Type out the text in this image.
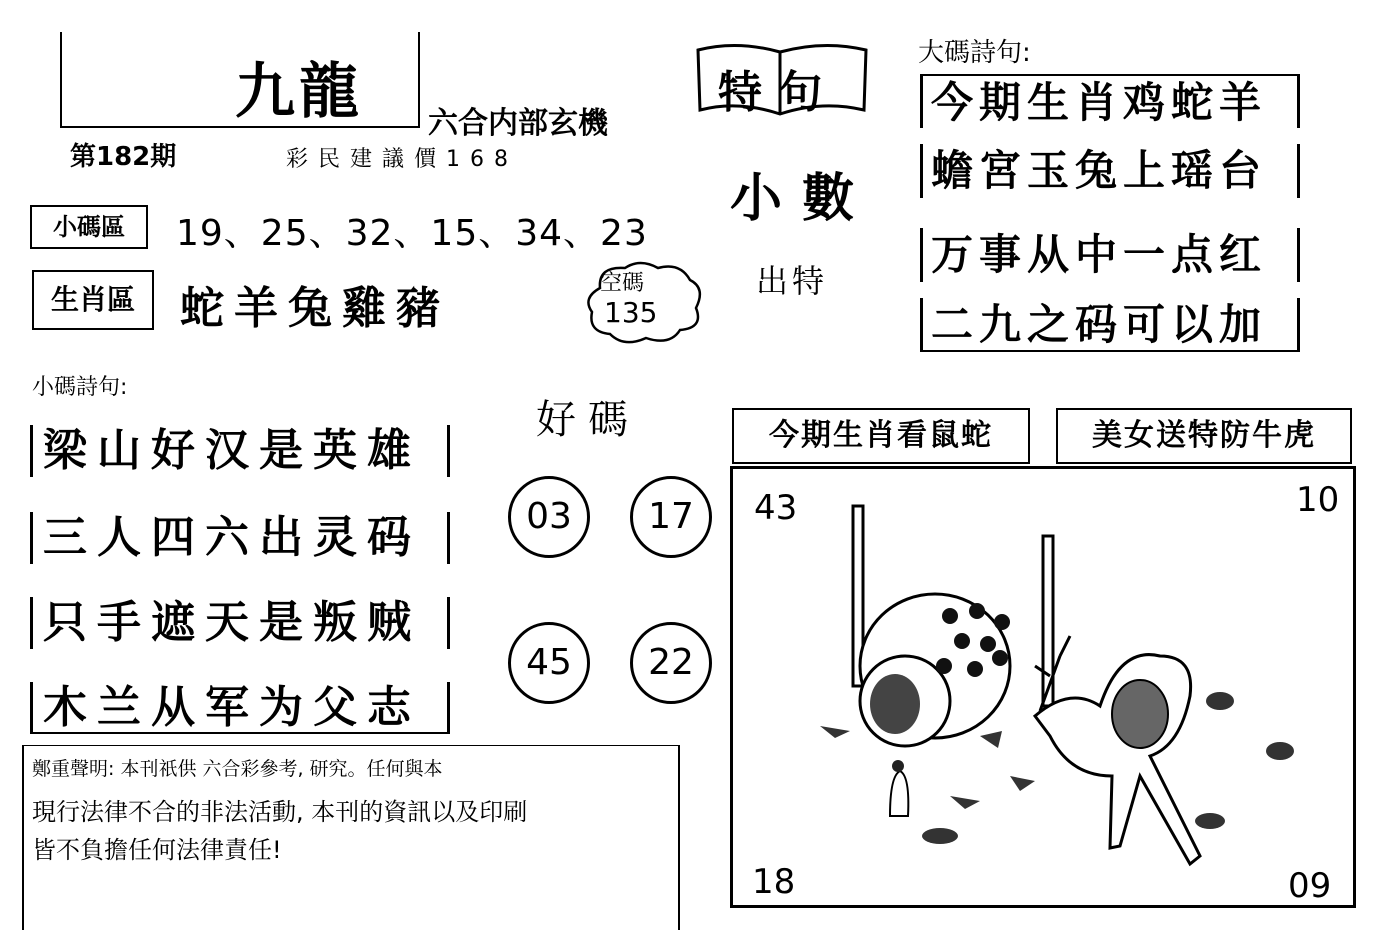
九龍 六合内部玄機
第182期	彩民建議價168
小碼區	19、25、32、15、34、23
生肖區	蛇羊兔雞豬	空碼
135
小碼詩句:
梁山好汉是英雄
三人四六出灵码
只手遮天是叛贼
木兰从军为父志
鄭重聲明: 本刊祇供 六合彩參考, 研究。任何與本
現行法律不合的非法活動, 本刊的資訊以及印刷
皆不負擔任何法律責任!
特句
小數
出特
大碼詩句:
今期生肖鸡蛇羊
蟾宮玉兔上瑶台
万事从中一点红
二九之码可以加
好碼
03	17
45	22
今期生肖看鼠蛇	美女送特防牛虎
43	10
18	09
